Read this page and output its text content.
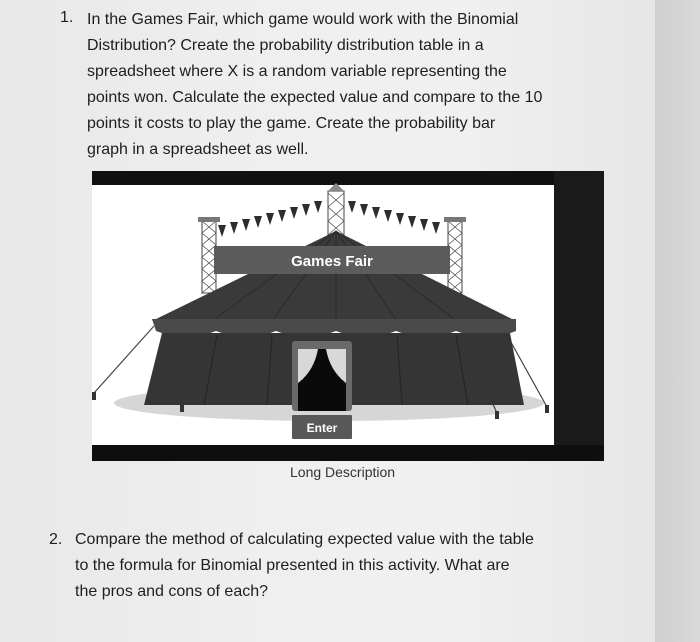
1. In the Games Fair, which game would work with the Binomial
Distribution? Create the probability distribution table in a
spreadsheet where X is a random variable representing the
points won. Calculate the expected value and compare to the 10
points it costs to play the game. Create the probability bar
graph in a spreadsheet as well.
Games Fair
Enter
Long Description
2. Compare the method of calculating expected value with the table
to the formula for Binomial presented in this activity. What are
the pros and cons of each?
